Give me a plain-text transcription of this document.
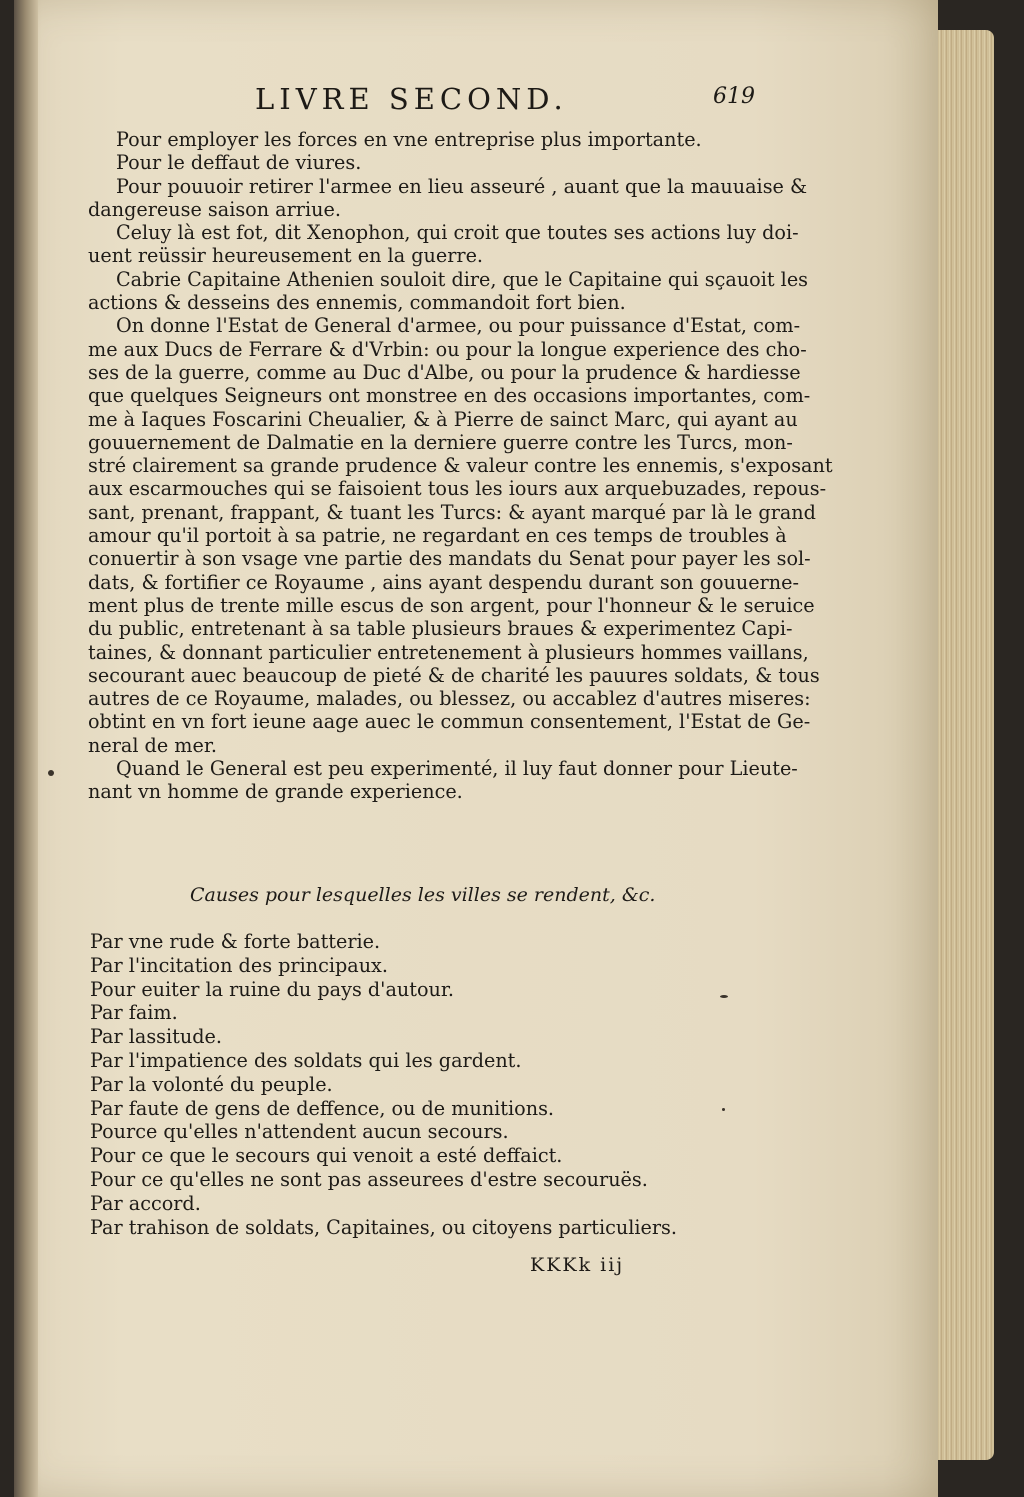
LIVRE SECOND.	619

Pour employer les forces en vne entreprise plus importante.

Pour le deffaut de viures.

Pour pouuoir retirer l'armee en lieu asseuré , auant que la mauuaise &

dangereuse saison arriue.

Celuy là est fot, dit Xenophon, qui croit que toutes ses actions luy doi-

uent reüssir heureusement en la guerre.

Cabrie Capitaine Athenien souloit dire, que le Capitaine qui sçauoit les

actions & desseins des ennemis, commandoit fort bien.

On donne l'Estat de General d'armee, ou pour puissance d'Estat, com-

me aux Ducs de Ferrare & d'Vrbin: ou pour la longue experience des cho-

ses de la guerre, comme au Duc d'Albe, ou pour la prudence & hardiesse

que quelques Seigneurs ont monstree en des occasions importantes, com-

me à Iaques Foscarini Cheualier, & à Pierre de sainct Marc, qui ayant au

gouuernement de Dalmatie en la derniere guerre contre les Turcs, mon-

stré clairement sa grande prudence & valeur contre les ennemis, s'exposant

aux escarmouches qui se faisoient tous les iours aux arquebuzades, repous-

sant, prenant, frappant, & tuant les Turcs: & ayant marqué par là le grand

amour qu'il portoit à sa patrie, ne regardant en ces temps de troubles à

conuertir à son vsage vne partie des mandats du Senat pour payer les sol-

dats, & fortifier ce Royaume , ains ayant despendu durant son gouuerne-

ment plus de trente mille escus de son argent, pour l'honneur & le seruice

du public, entretenant à sa table plusieurs braues & experimentez Capi-

taines, & donnant particulier entretenement à plusieurs hommes vaillans,

secourant auec beaucoup de pieté & de charité les pauures soldats, & tous

autres de ce Royaume, malades, ou blessez, ou accablez d'autres miseres:

obtint en vn fort ieune aage auec le commun consentement, l'Estat de Ge-

neral de mer.

Quand le General est peu experimenté, il luy faut donner pour Lieute-

nant vn homme de grande experience.

Causes pour lesquelles les villes se rendent, &c.
Par vne rude & forte batterie.
Par l'incitation des principaux.
Pour euiter la ruine du pays d'autour.
Par faim.
Par lassitude.
Par l'impatience des soldats qui les gardent.
Par la volonté du peuple.
Par faute de gens de deffence, ou de munitions.
Pource qu'elles n'attendent aucun secours.
Pour ce que le secours qui venoit a esté deffaict.
Pour ce qu'elles ne sont pas asseurees d'estre secouruës.
Par accord.
Par trahison de soldats, Capitaines, ou citoyens particuliers.
KKKk iij
